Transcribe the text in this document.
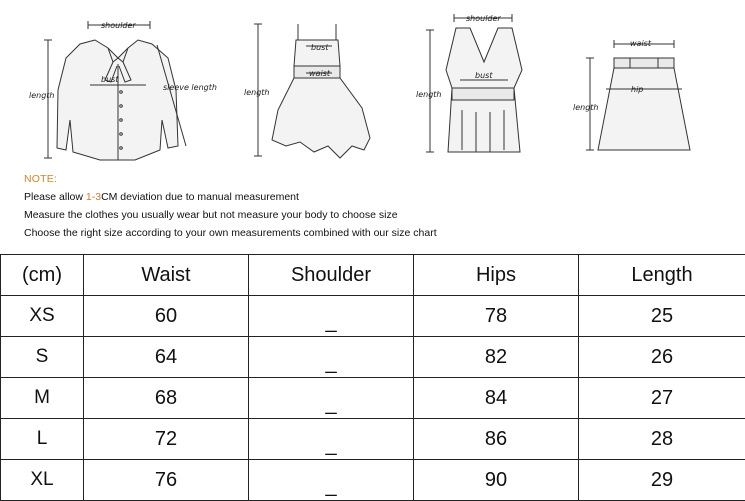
shoulder
length
bust
sleeve length
bust
waist
length
shoulder
bust
length
waist
hip
length
NOTE:
Please allow 1-3CM deviation due to manual measurement
Measure the clothes you usually wear but not measure your body to choose size
Choose the right size according to your own measurements combined with our size chart
(cm)	Waist	Shoulder	Hips	Length
XS	60	_	78	25
S	64	_	82	26
M	68	_	84	27
L	72	_	86	28
XL	76	_	90	29
